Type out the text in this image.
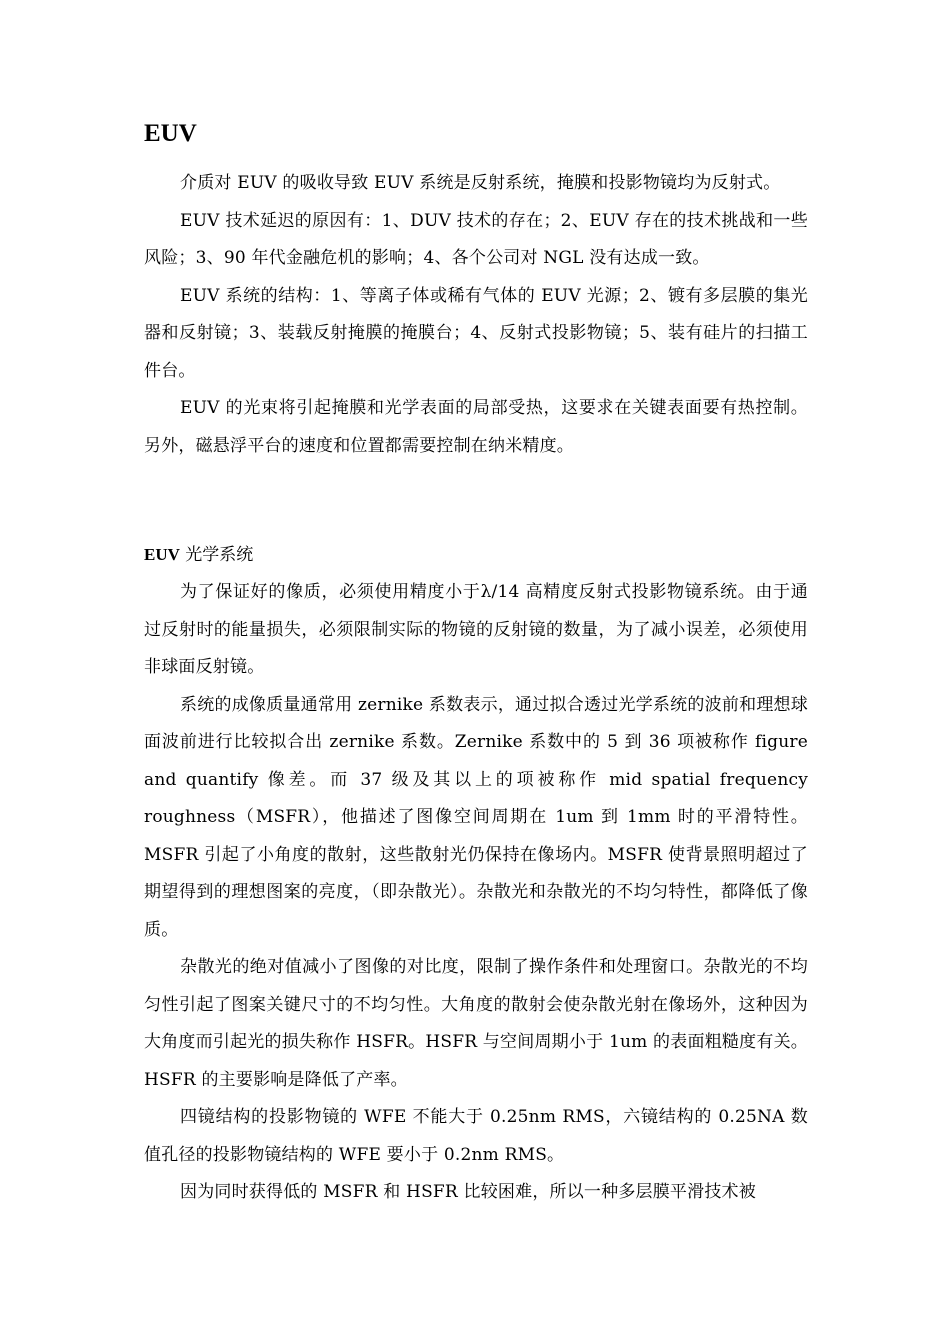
EUV

介质对 EUV 的吸收导致 EUV 系统是反射系统，掩膜和投影物镜均为反射式。

EUV 技术延迟的原因有：1、DUV 技术的存在；2、EUV 存在的技术挑战和一些风险；3、90 年代金融危机的影响；4、各个公司对 NGL 没有达成一致。

EUV 系统的结构：1、等离子体或稀有气体的 EUV 光源；2、镀有多层膜的集光器和反射镜；3、装载反射掩膜的掩膜台；4、反射式投影物镜；5、装有硅片的扫描工件台。

EUV 的光束将引起掩膜和光学表面的局部受热，这要求在关键表面要有热控制。另外，磁悬浮平台的速度和位置都需要控制在纳米精度。

EUV 光学系统

为了保证好的像质，必须使用精度小于λ/14 高精度反射式投影物镜系统。由于通过反射时的能量损失，必须限制实际的物镜的反射镜的数量，为了减小误差，必须使用非球面反射镜。

系统的成像质量通常用 zernike 系数表示，通过拟合透过光学系统的波前和理想球面波前进行比较拟合出 zernike 系数。Zernike 系数中的 5 到 36 项被称作 figure and quantify 像差。而 37 级及其以上的项被称作 mid spatial frequency roughness（MSFR），他描述了图像空间周期在 1um 到 1mm 时的平滑特性。MSFR 引起了小角度的散射，这些散射光仍保持在像场内。MSFR 使背景照明超过了期望得到的理想图案的亮度，（即杂散光）。杂散光和杂散光的不均匀特性，都降低了像质。

杂散光的绝对值减小了图像的对比度，限制了操作条件和处理窗口。杂散光的不均匀性引起了图案关键尺寸的不均匀性。大角度的散射会使杂散光射在像场外，这种因为大角度而引起光的损失称作 HSFR。HSFR 与空间周期小于 1um 的表面粗糙度有关。HSFR 的主要影响是降低了产率。

四镜结构的投影物镜的 WFE 不能大于 0.25nm RMS，六镜结构的 0.25NA 数值孔径的投影物镜结构的 WFE 要小于 0.2nm RMS。

因为同时获得低的 MSFR 和 HSFR 比较困难，所以一种多层膜平滑技术被
